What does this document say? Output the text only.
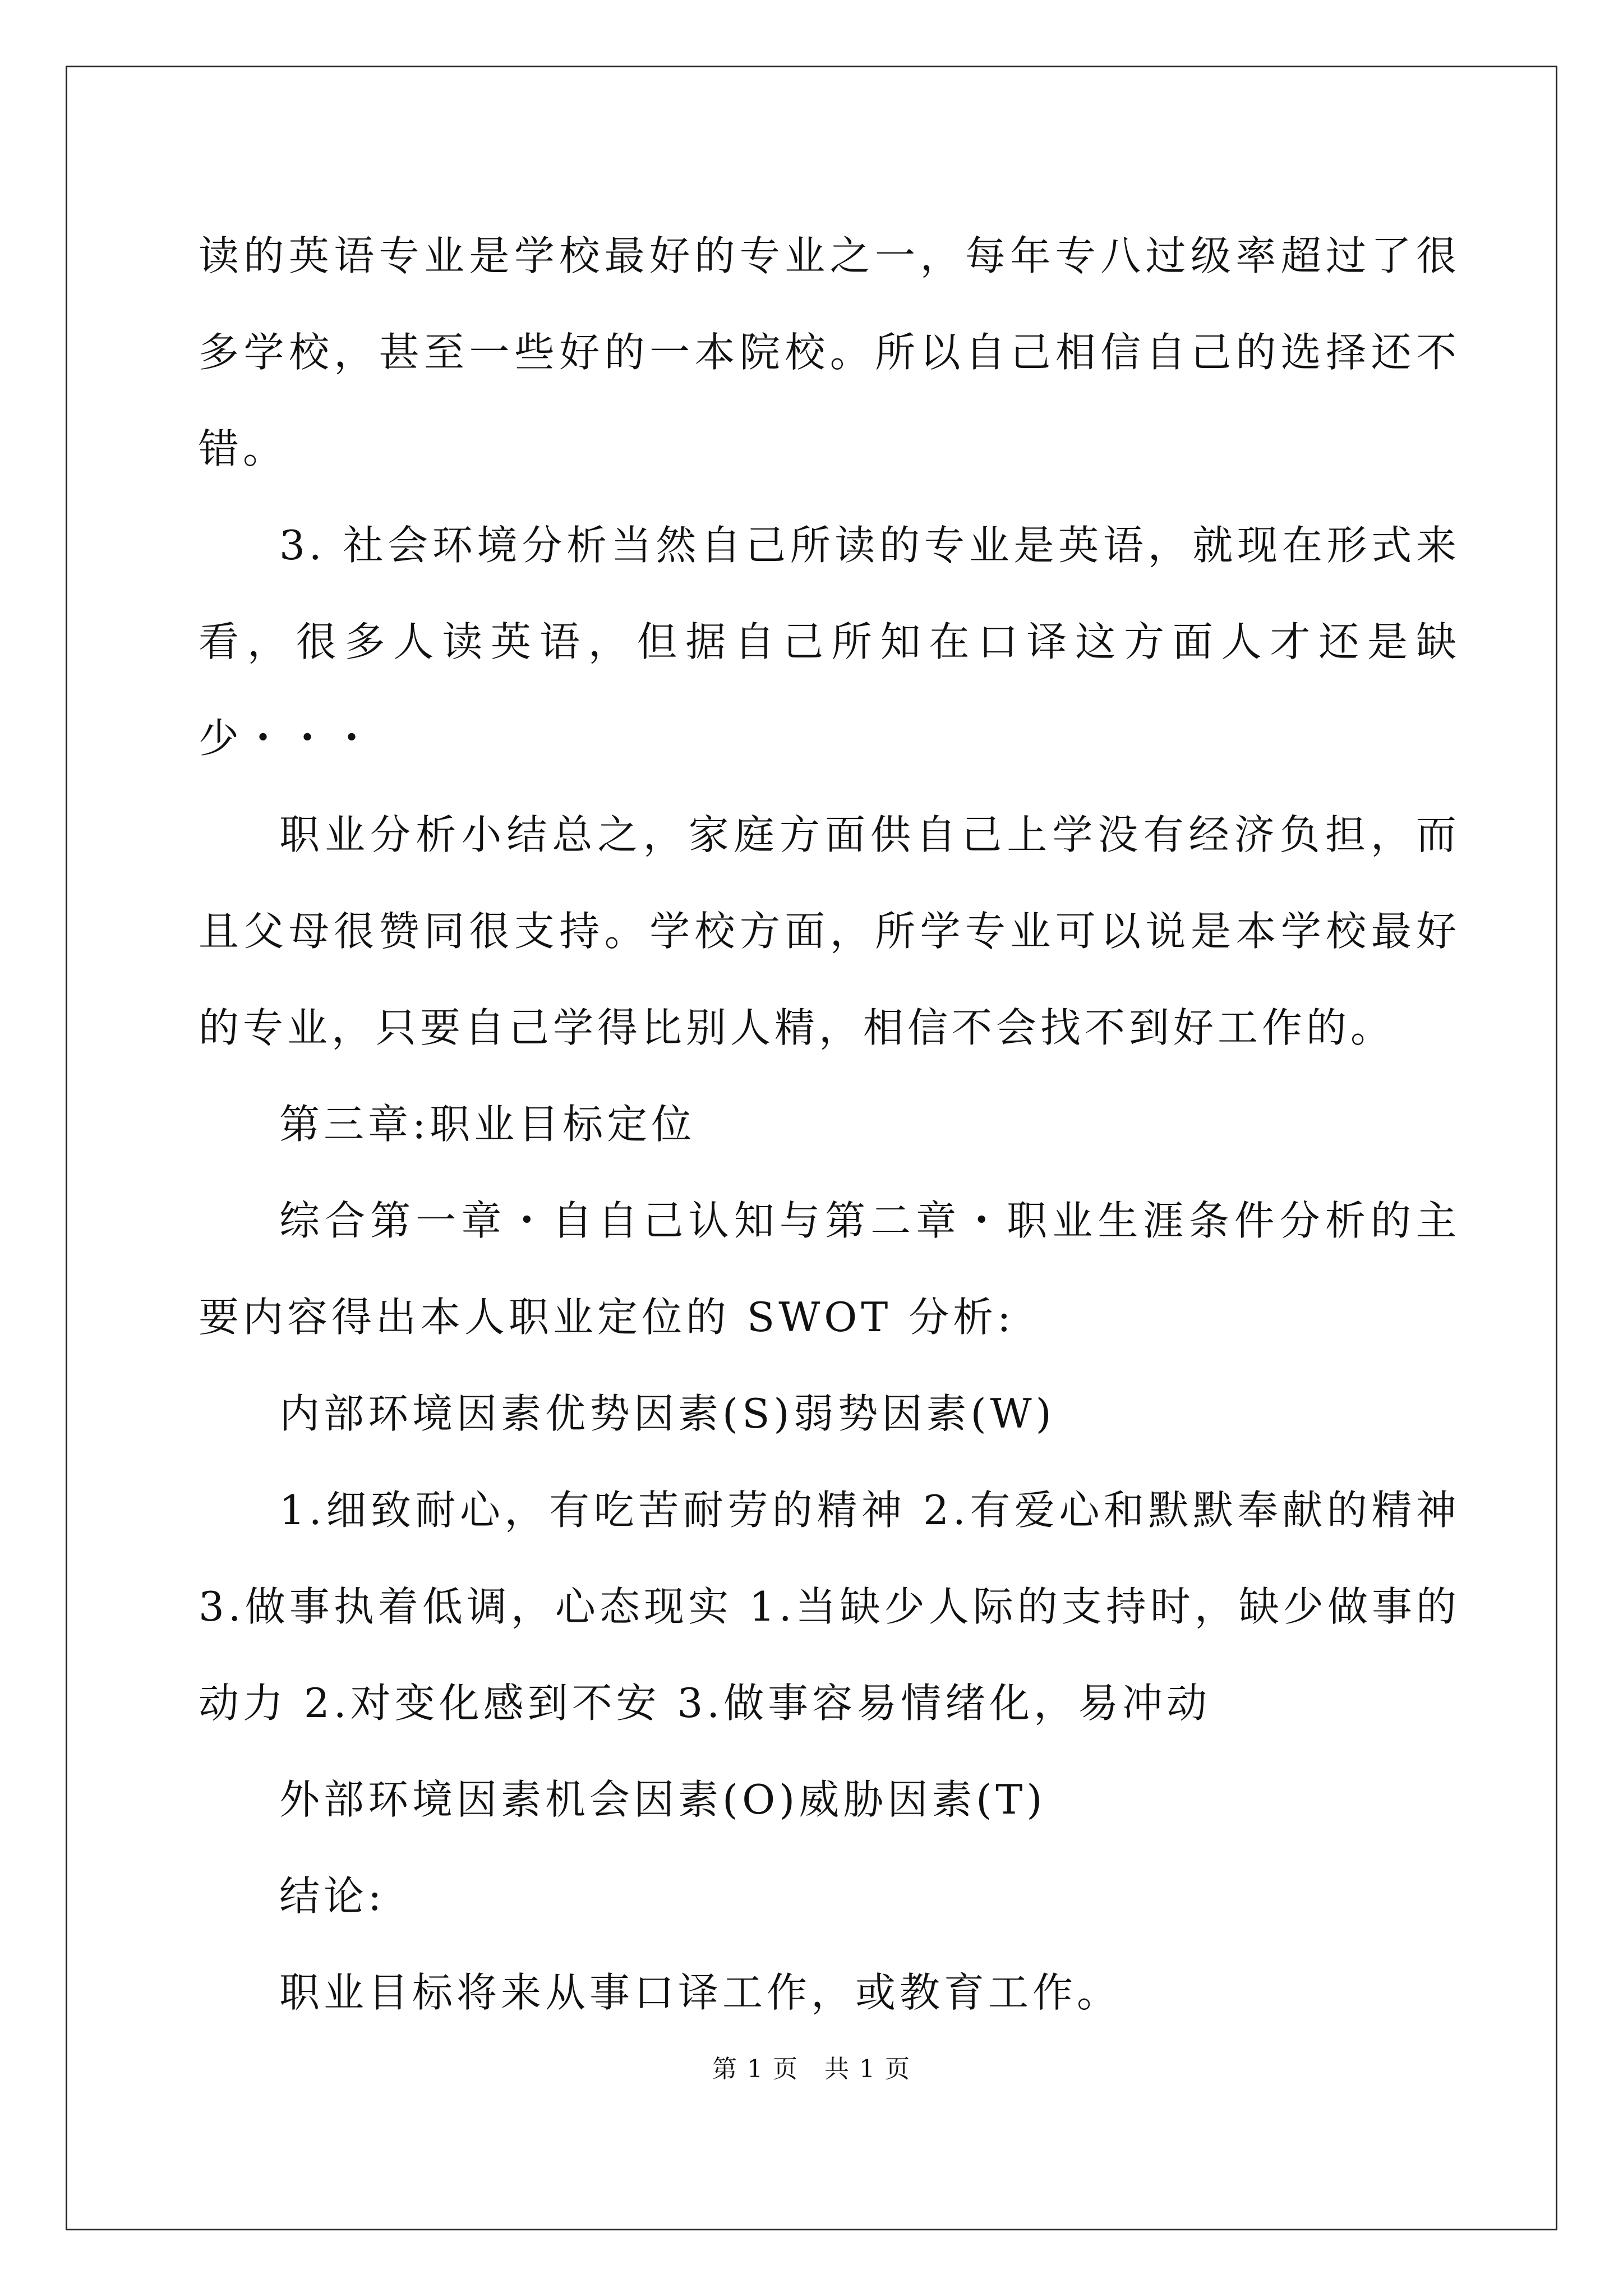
读的英语专业是学校最好的专业之一，每年专八过级率超过了很多学校，甚至一些好的一本院校。所以自己相信自己的选择还不错。

3. 社会环境分析当然自己所读的专业是英语，就现在形式来看，很多人读英语，但据自己所知在口译这方面人才还是缺少・・・

职业分析小结总之，家庭方面供自己上学没有经济负担，而且父母很赞同很支持。学校方面，所学专业可以说是本学校最好的专业，只要自己学得比别人精，相信不会找不到好工作的。

第三章:职业目标定位

综合第一章・自自己认知与第二章・职业生涯条件分析的主要内容得出本人职业定位的 SWOT 分析:

内部环境因素优势因素(S)弱势因素(W)

1.细致耐心，有吃苦耐劳的精神 2.有爱心和默默奉献的精神 3.做事执着低调，心态现实 1.当缺少人际的支持时，缺少做事的动力 2.对变化感到不安 3.做事容易情绪化，易冲动

外部环境因素机会因素(O)威胁因素(T)

结论:

职业目标将来从事口译工作，或教育工作。

第 1 页　共 1 页
